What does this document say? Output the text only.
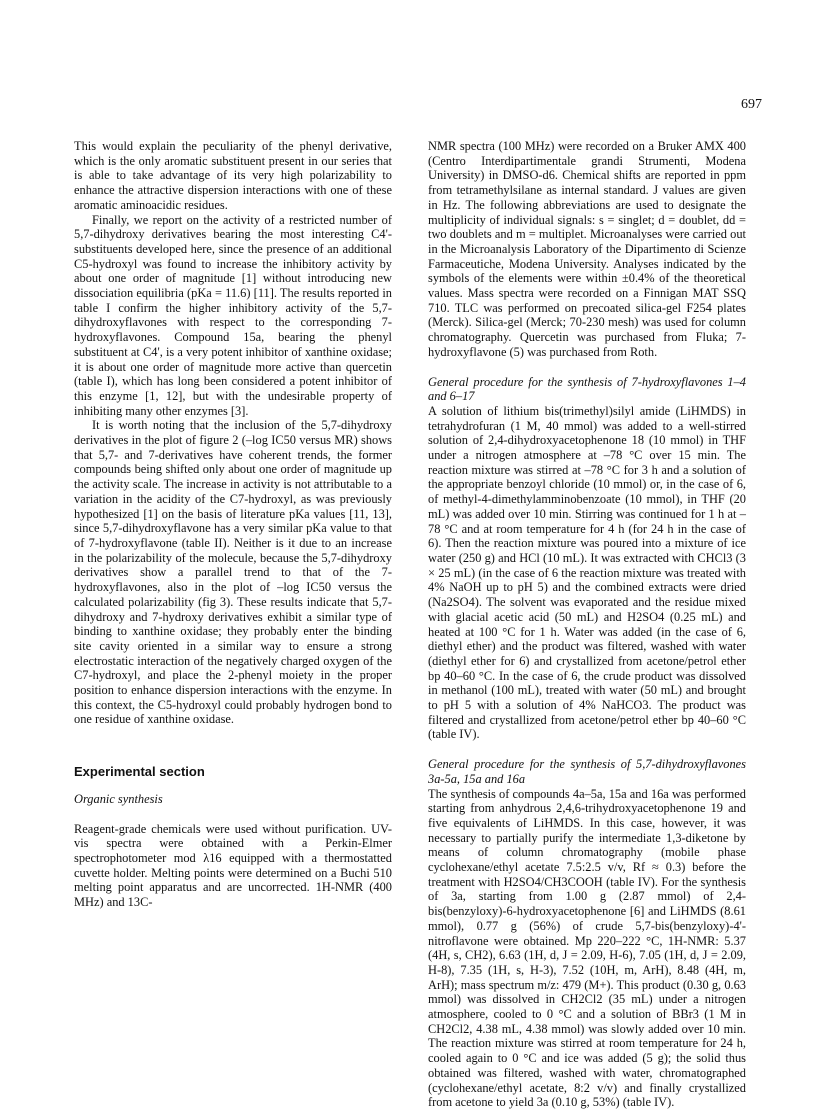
697

This would explain the peculiarity of the phenyl derivative, which is the only aromatic substituent present in our series that is able to take advantage of its very high polarizability to enhance the attractive dispersion interactions with one of these aromatic aminoacidic residues.

Finally, we report on the activity of a restricted number of 5,7-dihydroxy derivatives bearing the most interesting C4'-substituents developed here, since the presence of an additional C5-hydroxyl was found to increase the inhibitory activity by about one order of magnitude [1] without introducing new dissociation equilibria (pKa = 11.6) [11]. The results reported in table I confirm the higher inhibitory activity of the 5,7-dihydroxyflavones with respect to the corresponding 7-hydroxyflavones. Compound 15a, bearing the phenyl substituent at C4', is a very potent inhibitor of xanthine oxidase; it is about one order of magnitude more active than quercetin (table I), which has long been considered a potent inhibitor of this enzyme [1, 12], but with the undesirable property of inhibiting many other enzymes [3].

It is worth noting that the inclusion of the 5,7-dihydroxy derivatives in the plot of figure 2 (–log IC50 versus MR) shows that 5,7- and 7-derivatives have coherent trends, the former compounds being shifted only about one order of magnitude up the activity scale. The increase in activity is not attributable to a variation in the acidity of the C7-hydroxyl, as was previously hypothesized [1] on the basis of literature pKa values [11, 13], since 5,7-dihydroxyflavone has a very similar pKa value to that of 7-hydroxyflavone (table II). Neither is it due to an increase in the polarizability of the molecule, because the 5,7-dihydroxy derivatives show a parallel trend to that of the 7-hydroxyflavones, also in the plot of –log IC50 versus the calculated polarizability (fig 3). These results indicate that 5,7-dihydroxy and 7-hydroxy derivatives exhibit a similar type of binding to xanthine oxidase; they probably enter the binding site cavity oriented in a similar way to ensure a strong electrostatic interaction of the negatively charged oxygen of the C7-hydroxyl, and place the 2-phenyl moiety in the proper position to enhance dispersion interactions with the enzyme. In this context, the C5-hydroxyl could probably hydrogen bond to one residue of xanthine oxidase.

Experimental section

Organic synthesis

Reagent-grade chemicals were used without purification. UV-vis spectra were obtained with a Perkin-Elmer spectrophotometer mod λ16 equipped with a thermostatted cuvette holder. Melting points were determined on a Buchi 510 melting point apparatus and are uncorrected. 1H-NMR (400 MHz) and 13C-

NMR spectra (100 MHz) were recorded on a Bruker AMX 400 (Centro Interdipartimentale grandi Strumenti, Modena University) in DMSO-d6. Chemical shifts are reported in ppm from tetramethylsilane as internal standard. J values are given in Hz. The following abbreviations are used to designate the multiplicity of individual signals: s = singlet; d = doublet, dd = two doublets and m = multiplet. Microanalyses were carried out in the Microanalysis Laboratory of the Dipartimento di Scienze Farmaceutiche, Modena University. Analyses indicated by the symbols of the elements were within ±0.4% of the theoretical values. Mass spectra were recorded on a Finnigan MAT SSQ 710. TLC was performed on precoated silica-gel F254 plates (Merck). Silica-gel (Merck; 70-230 mesh) was used for column chromatography. Quercetin was purchased from Fluka; 7-hydroxyflavone (5) was purchased from Roth.

General procedure for the synthesis of 7-hydroxyflavones 1–4 and 6–17

A solution of lithium bis(trimethyl)silyl amide (LiHMDS) in tetrahydrofuran (1 M, 40 mmol) was added to a well-stirred solution of 2,4-dihydroxyacetophenone 18 (10 mmol) in THF under a nitrogen atmosphere at –78 °C over 15 min. The reaction mixture was stirred at –78 °C for 3 h and a solution of the appropriate benzoyl chloride (10 mmol) or, in the case of 6, of methyl-4-dimethylamminobenzoate (10 mmol), in THF (20 mL) was added over 10 min. Stirring was continued for 1 h at –78 °C and at room temperature for 4 h (for 24 h in the case of 6). Then the reaction mixture was poured into a mixture of ice water (250 g) and HCl (10 mL). It was extracted with CHCl3 (3 × 25 mL) (in the case of 6 the reaction mixture was treated with 4% NaOH up to pH 5) and the combined extracts were dried (Na2SO4). The solvent was evaporated and the residue mixed with glacial acetic acid (50 mL) and H2SO4 (0.25 mL) and heated at 100 °C for 1 h. Water was added (in the case of 6, diethyl ether) and the product was filtered, washed with water (diethyl ether for 6) and crystallized from acetone/petrol ether bp 40–60 °C. In the case of 6, the crude product was dissolved in methanol (100 mL), treated with water (50 mL) and brought to pH 5 with a solution of 4% NaHCO3. The product was filtered and crystallized from acetone/petrol ether bp 40–60 °C (table IV).

General procedure for the synthesis of 5,7-dihydroxyflavones 3a-5a, 15a and 16a

The synthesis of compounds 4a–5a, 15a and 16a was performed starting from anhydrous 2,4,6-trihydroxyacetophenone 19 and five equivalents of LiHMDS. In this case, however, it was necessary to partially purify the intermediate 1,3-diketone by means of column chromatography (mobile phase cyclohexane/ethyl acetate 7.5:2.5 v/v, Rf ≈ 0.3) before the treatment with H2SO4/CH3COOH (table IV). For the synthesis of 3a, starting from 1.00 g (2.87 mmol) of 2,4-bis(benzyloxy)-6-hydroxyacetophenone [6] and LiHMDS (8.61 mmol), 0.77 g (56%) of crude 5,7-bis(benzyloxy)-4'-nitroflavone were obtained. Mp 220–222 °C, 1H-NMR: 5.37 (4H, s, CH2), 6.63 (1H, d, J = 2.09, H-6), 7.05 (1H, d, J = 2.09, H-8), 7.35 (1H, s, H-3), 7.52 (10H, m, ArH), 8.48 (4H, m, ArH); mass spectrum m/z: 479 (M+). This product (0.30 g, 0.63 mmol) was dissolved in CH2Cl2 (35 mL) under a nitrogen atmosphere, cooled to 0 °C and a solution of BBr3 (1 M in CH2Cl2, 4.38 mL, 4.38 mmol) was slowly added over 10 min. The reaction mixture was stirred at room temperature for 24 h, cooled again to 0 °C and ice was added (5 g); the solid thus obtained was filtered, washed with water, chromatographed (cyclohexane/ethyl acetate, 8:2 v/v) and finally crystallized from acetone to yield 3a (0.10 g, 53%) (table IV).
